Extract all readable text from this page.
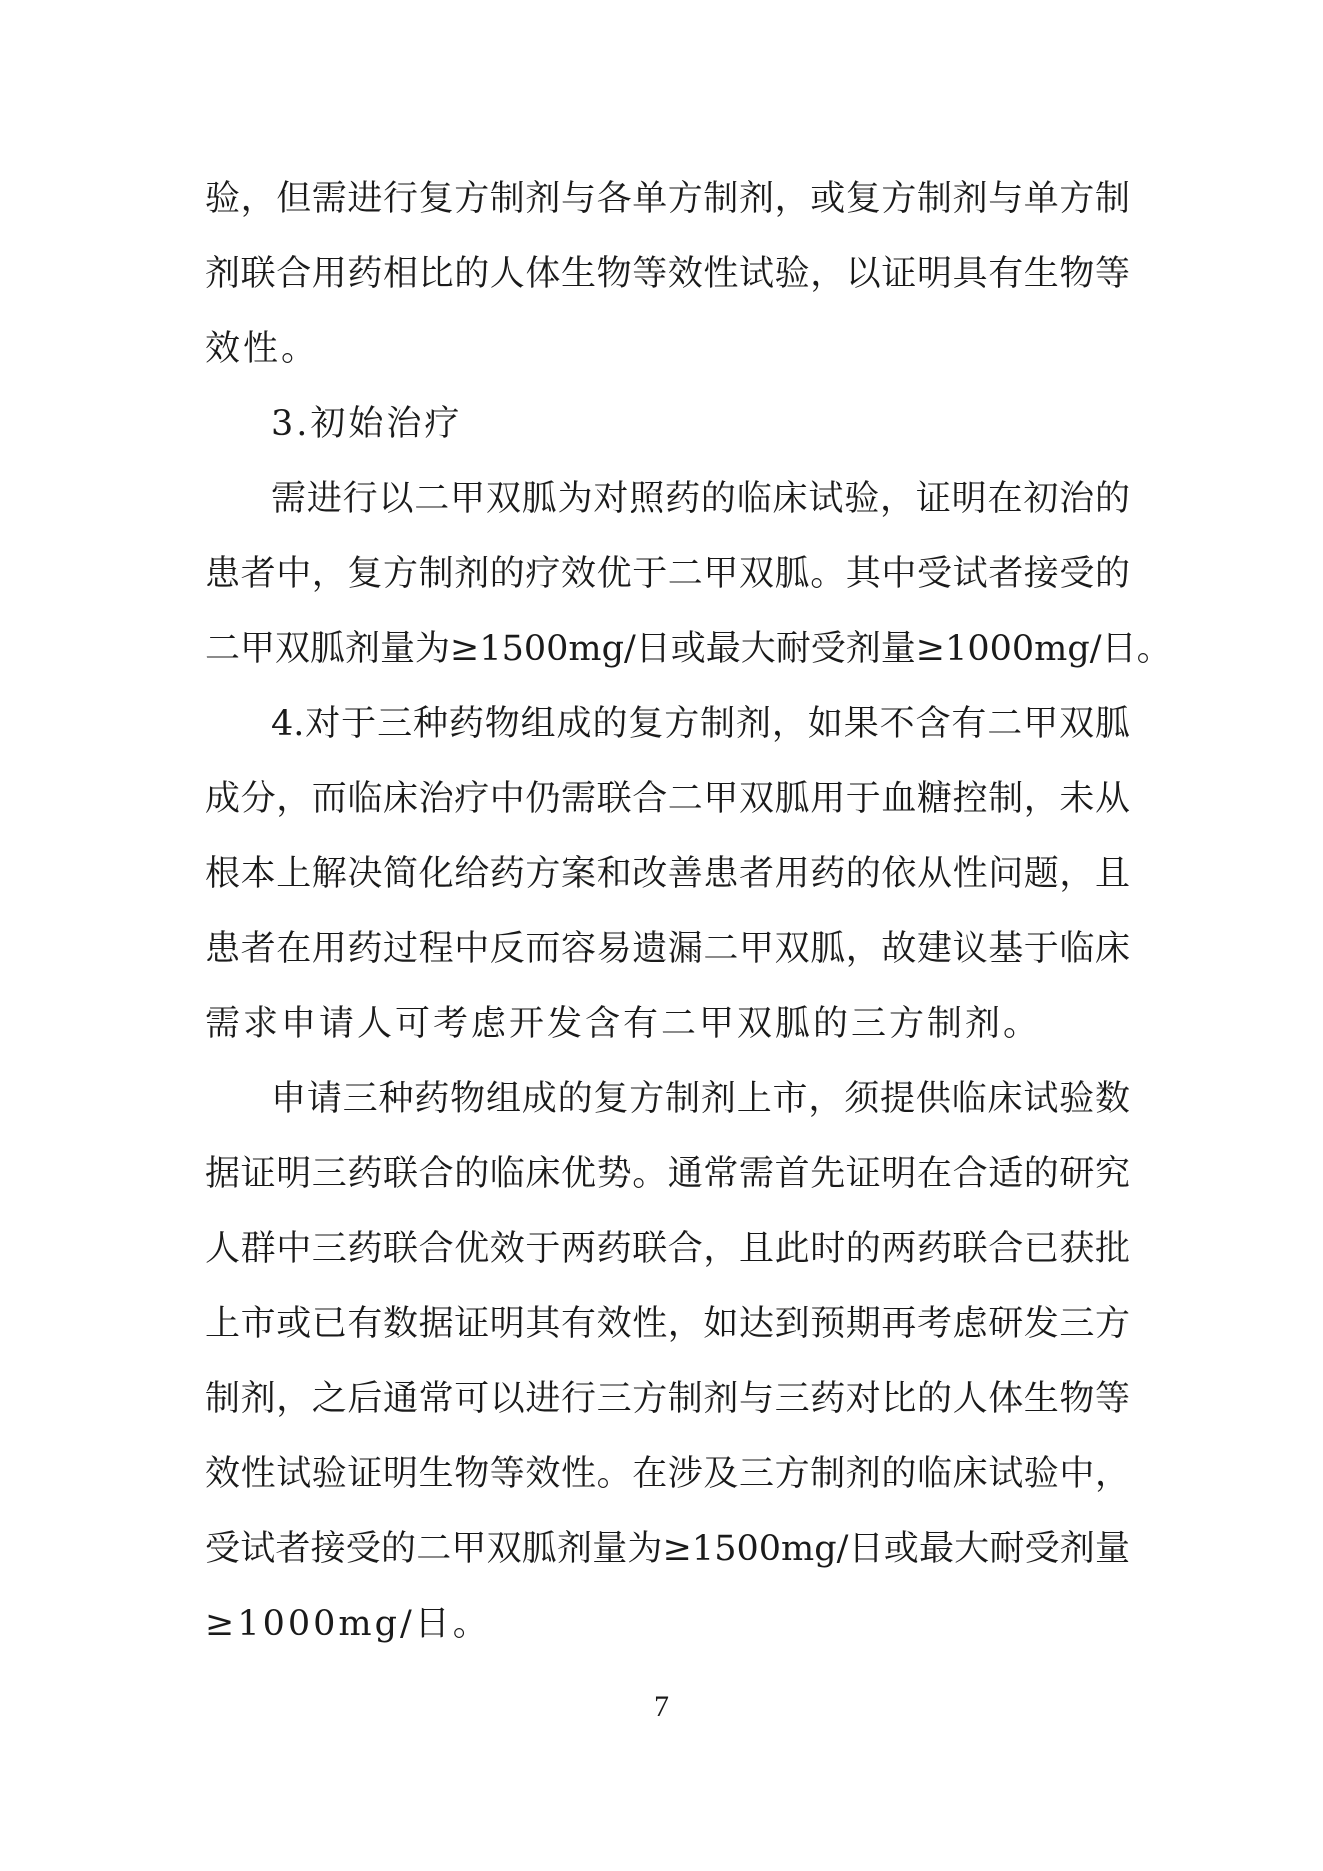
验，但需进行复方制剂与各单方制剂，或复方制剂与单方制
剂联合用药相比的人体生物等效性试验，以证明具有生物等
效性。
3.初始治疗
需进行以二甲双胍为对照药的临床试验，证明在初治的
患者中，复方制剂的疗效优于二甲双胍。其中受试者接受的
二甲双胍剂量为≥1500mg/日或最大耐受剂量≥1000mg/日。
4.对于三种药物组成的复方制剂，如果不含有二甲双胍
成分，而临床治疗中仍需联合二甲双胍用于血糖控制，未从
根本上解决简化给药方案和改善患者用药的依从性问题，且
患者在用药过程中反而容易遗漏二甲双胍，故建议基于临床
需求申请人可考虑开发含有二甲双胍的三方制剂。
申请三种药物组成的复方制剂上市，须提供临床试验数
据证明三药联合的临床优势。通常需首先证明在合适的研究
人群中三药联合优效于两药联合，且此时的两药联合已获批
上市或已有数据证明其有效性，如达到预期再考虑研发三方
制剂，之后通常可以进行三方制剂与三药对比的人体生物等
效性试验证明生物等效性。在涉及三方制剂的临床试验中，
受试者接受的二甲双胍剂量为≥1500mg/日或最大耐受剂量
≥1000mg/日。
7
